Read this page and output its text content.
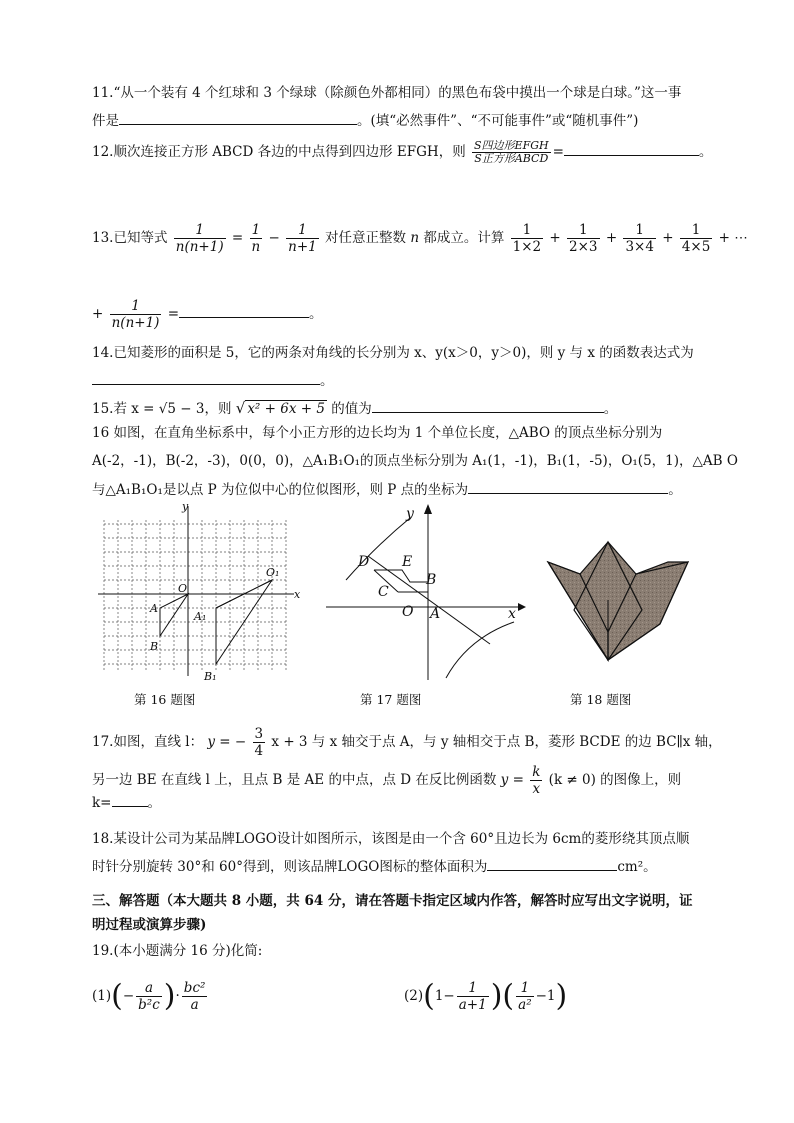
11.“从一个装有 4 个红球和 3 个绿球（除颜色外都相同）的黑色布袋中摸出一个球是白球。”这一事
件是	。(填“必然事件”、“不可能事件”或“随机事件”)
12.顺次连接正方形 ABCD 各边的中点得到四边形 EFGH，则 $\frac{\text{S四边形EFGH}}{\text{S正方形ABCD}}$ =	。
13.已知等式 $\frac{1}{n(n+1)} = \frac{1}{n} - \frac{1}{n+1}$ 对任意正整数 n 都成立。计算 $\frac{1}{1\times 2} + \frac{1}{2\times 3} + \frac{1}{3\times 4} + \frac{1}{4\times 5}$ + ⋯
+ $\frac{1}{n(n+1)}$ =	。
14.已知菱形的面积是 5，它的两条对角线的长分别为 x、y(x＞0，y＞0)，则 y 与 x 的函数表达式为
。
15.若 x = √5 − 3，则 √ x² + 6x + 5 的值为	。
16 如图，在直角坐标系中，每个小正方形的边长均为 1 个单位长度，△ABO 的顶点坐标分别为
A(-2，-1)，B(-2，-3)，0(0，0)，△A₁B₁O₁的顶点坐标分别为 A₁(1，-1)，B₁(1，-5)，O₁(5，1)，△AB O
与△A₁B₁O₁是以点 P 为位似中心的位似图形，则 P 点的坐标为	。
y
x
O
O₁
A
A₁
B
B₁
第 16 题图
y
x
O A
B
C
D E
第 17 题图	第 18 题图
17.如图，直线 l： y = − $\frac{3}{4}$ x + 3 与 x 轴交于点 A，与 y 轴相交于点 B，菱形 BCDE 的边 BC∥x 轴，
另一边 BE 在直线 l 上，且点 B 是 AE 的中点，点 D 在反比例函数 $y = \frac{k}{x} (k \ne 0)$ 的图像上，则
k=	。
18.某设计公司为某品牌LOGO设计如图所示，该图是由一个含 60°且边长为 6cm的菱形绕其顶点顺
时针分别旋转 30°和 60°得到，则该品牌LOGO图标的整体面积为	cm²。
三、解答题（本大题共 8 小题，共 64 分，请在答题卡指定区域内作答，解答时应写出文字说明，证
明过程或演算步骤)
19.(本小题满分 16 分)化简:
$(1)(- \frac{a}{\text{b²c}}$ )· $\frac{\text{bc²}}{a}$	$(2)(1- \frac{1}{a+1}$ )( $\frac{1}{\text{a²}} -1$)
